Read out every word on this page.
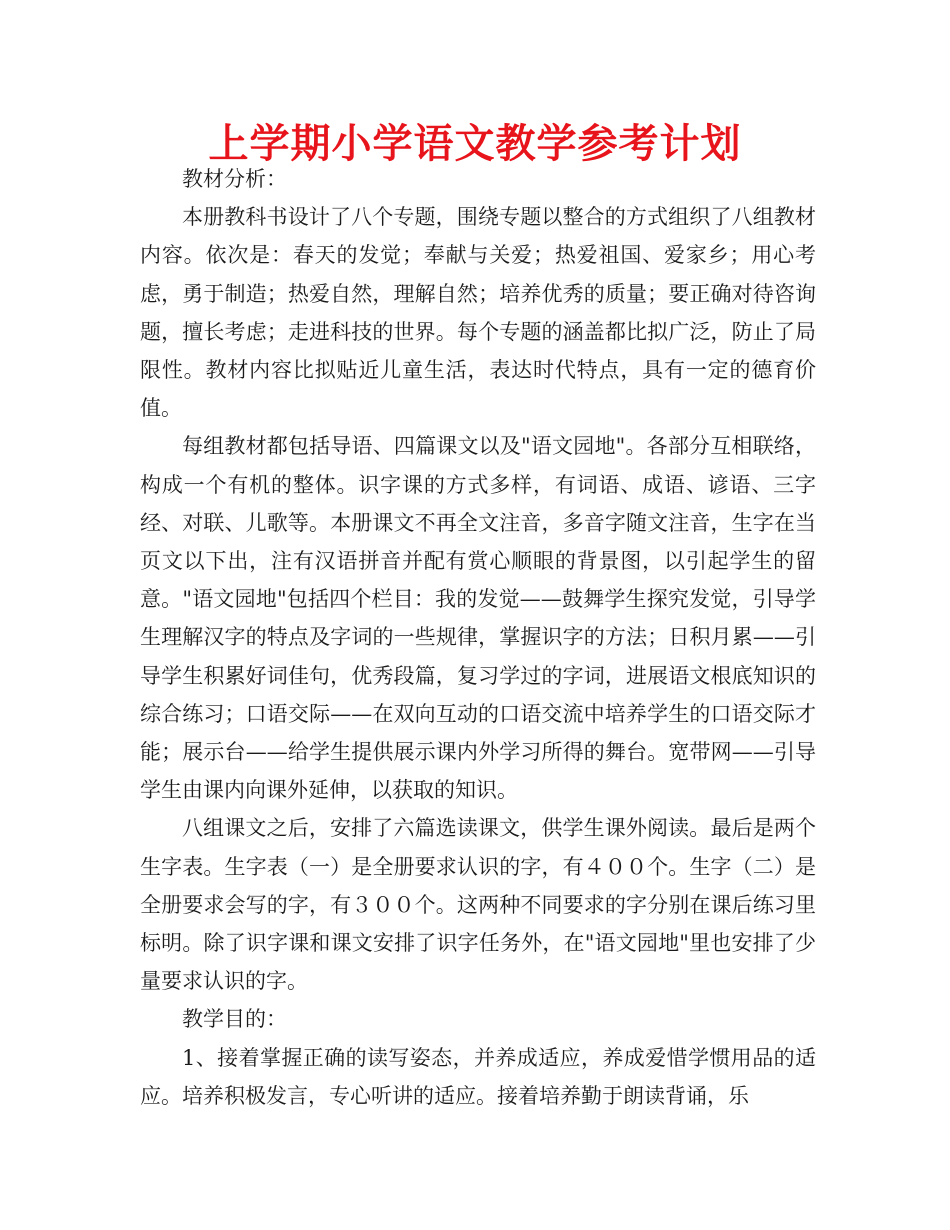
上学期小学语文教学参考计划

教材分析：

本册教科书设计了八个专题，围绕专题以整合的方式组织了八组教材内容。依次是：春天的发觉；奉献与关爱；热爱祖国、爱家乡；用心考虑，勇于制造；热爱自然，理解自然；培养优秀的质量；要正确对待咨询题，擅长考虑；走进科技的世界。每个专题的涵盖都比拟广泛，防止了局限性。教材内容比拟贴近儿童生活，表达时代特点，具有一定的德育价值。

每组教材都包括导语、四篇课文以及"语文园地"。各部分互相联络，构成一个有机的整体。识字课的方式多样，有词语、成语、谚语、三字经、对联、儿歌等。本册课文不再全文注音，多音字随文注音，生字在当页文以下出，注有汉语拼音并配有赏心顺眼的背景图，以引起学生的留意。"语文园地"包括四个栏目：我的发觉——鼓舞学生探究发觉，引导学生理解汉字的特点及字词的一些规律，掌握识字的方法；日积月累——引导学生积累好词佳句，优秀段篇，复习学过的字词，进展语文根底知识的综合练习；口语交际——在双向互动的口语交流中培养学生的口语交际才能；展示台——给学生提供展示课内外学习所得的舞台。宽带网——引导学生由课内向课外延伸，以获取的知识。

八组课文之后，安排了六篇选读课文，供学生课外阅读。最后是两个生字表。生字表（一）是全册要求认识的字，有４００个。生字（二）是全册要求会写的字，有３００个。这两种不同要求的字分别在课后练习里标明。除了识字课和课文安排了识字任务外，在"语文园地"里也安排了少量要求认识的字。

教学目的：

1、接着掌握正确的读写姿态，并养成适应，养成爱惜学惯用品的适应。培养积极发言，专心听讲的适应。接着培养勤于朗读背诵，乐
